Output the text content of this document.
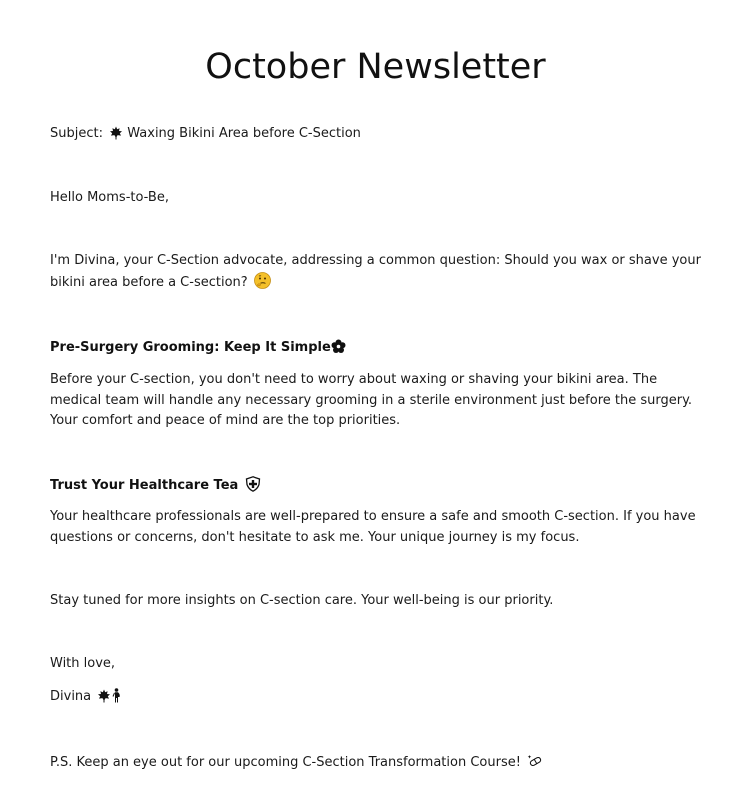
October Newsletter

Subject: Waxing Bikini Area before C-Section

Hello Moms-to-Be,

I'm Divina, your C-Section advocate, addressing a common question: Should you wax or shave your bikini area before a C-section?

Pre-Surgery Grooming: Keep It Simple

Before your C-section, you don't need to worry about waxing or shaving your bikini area. The medical team will handle any necessary grooming in a sterile environment just before the surgery. Your comfort and peace of mind are the top priorities.

Trust Your Healthcare Tea

Your healthcare professionals are well-prepared to ensure a safe and smooth C-section. If you have questions or concerns, don't hesitate to ask me. Your unique journey is my focus.

Stay tuned for more insights on C-section care. Your well-being is our priority.

With love,

Divina

P.S. Keep an eye out for our upcoming C-Section Transformation Course!
